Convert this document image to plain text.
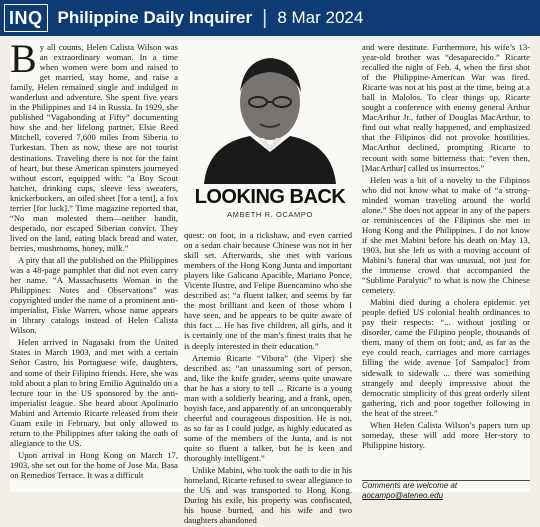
INQ Philippine Daily Inquirer | 8 Mar 2024

By all counts, Helen Calista Wilson was an extraordinary woman. In a time when women were born and raised to get married, stay home, and raise a family, Helen remained single and indulged in wanderlust and adventure. She spent five years in the Philippines and 14 in Russia. In 1929, she published “Vagabonding at Fifty” documenting how she and her lifelong partner, Elsie Reed Mitchell, covered 7,600 miles from Siberia to Turkestan. Then as now, these are not tourist destinations. Traveling there is not for the faint of heart, but these American spinsters journeyed without escort, equipped with: “a Boy Scout hatchet, drinking cups, sleeve less sweaters, knickerbockers, an oiled sheet [for a tent], a fox terrier [for luck].” Time magazine reported that, “No man molested them—neither bandit, desperado, nor escaped Siberian convict. They lived on the land, eating black bread and water, berries, mushrooms, honey, milk.”

A pity that all the published on the Philippines was a 48-page pamphlet that did not even carry her name. “A Massachusetts Woman in the Philippines: Notes and Observations” was copyrighted under the name of a prominent anti-imperialist, Fiske Warren, whose name appears in library catalogs instead of Helen Calista Wilson.

Helen arrived in Nagasaki from the United States in March 1903, and met with a certain Señor Castro, his Portuguese wife, daughters, and some of their Filipino friends. Here, she was told about a plan to bring Emilio Aguinaldo on a lecture tour in the US sponsored by the anti-imperialist league. She heard about Apolinario Mabini and Artemio Ricarte released from their Guam exile in February, but only allowed to return to the Philippines after taking the oath of allegiance to the US.

Upon arrival in Hong Kong on March 17, 1903, she set out for the home of Jose Ma. Basa on Remedios Terrace. It was a difficult

LOOKING BACK
AMBETH R. OCAMPO

quest: on foot, in a rickshaw, and even carried on a sedan chair because Chinese was not in her skill set. Afterwards, she met with various members of the Hong Kong Junta and important players like Galicano Apacible, Mariano Ponce, Vicente Ilustre, and Felipe Buencamino who she described as: “a fluent talker, and seems by far the most brilliant and keen of those whom I have seen, and he appears to be quite aware of this fact ... He has five children, all girls, and it is certainly one of the man’s finest traits that he is deeply interested in their education.”

Artemio Ricarte “Vibora” (the Viper) she described as: “an unassuming sort of person, and, like the knife grader, seems quite unaware that he has a story to tell ... Ricarte is a young man with a soldierly bearing, and a frank, open, boyish face, and apparently of an unconquerably cheerful and courageous disposition. He is not, as so far as I could judge, as highly educated as some of the members of the Junta, and is not quite so fluent a talker, but he is keen and thoroughly intelligent.”

Unlike Mabini, who took the oath to die in his homeland, Ricarte refused to swear allegiance to the US and was transported to Hong Kong. During his exile, his property was confiscated, his house burned, and his wife and two daughters abandoned

and were destitute. Furthermore, his wife’s 13-year-old brother was “desaparecido.” Ricarte recalled the night of Feb. 4, when the first shot of the Philippine-American War was fired. Ricarte was not at his post at the time, being at a ball in Malolos. To clear things up, Ricarte sought a conference with enemy general Arthur MacArthur Jr., father of Douglas MacArthur, to find out what really happened, and emphasized that the Filipinos did not provoke hostilities. MacArthur declined, prompting Ricarte to recount with some bitterness that: “even then, [MacArthur] called us insurrectos.”

Helen was a bit of a novelty to the Filipinos who did not know what to make of “a strong-minded woman traveling around the world alone.” She does not appear in any of the papers or reminiscences of the Filipinos she met in Hong Kong and the Philippines. I do not know if she met Mabini before his death on May 13, 1903, but she left us with a moving account of Mabini’s funeral that was unusual, not just for the immense crowd that accompanied the “Sublime Paralytic” to what is now the Chinese cemetery.

Mabini died during a cholera epidemic yet people defied US colonial health ordinances to pay their respects: “... without jostling or disorder, came the Filipino people, thousands of them, many of them on foot; and, as far as the eye could reach, carriages and more carriages filling the wide avenue [of Sampaloc] from sidewalk to sidewalk ... there was something strangely and deeply impressive about the democratic simplicity of this great orderly silent gathering, rich and poor together following in the heat of the street.”

When Helen Calista Wilson’s papers turn up someday, these will add more Her-story to Philippine history.

Comments are welcome at aocampo@ateneo.edu
